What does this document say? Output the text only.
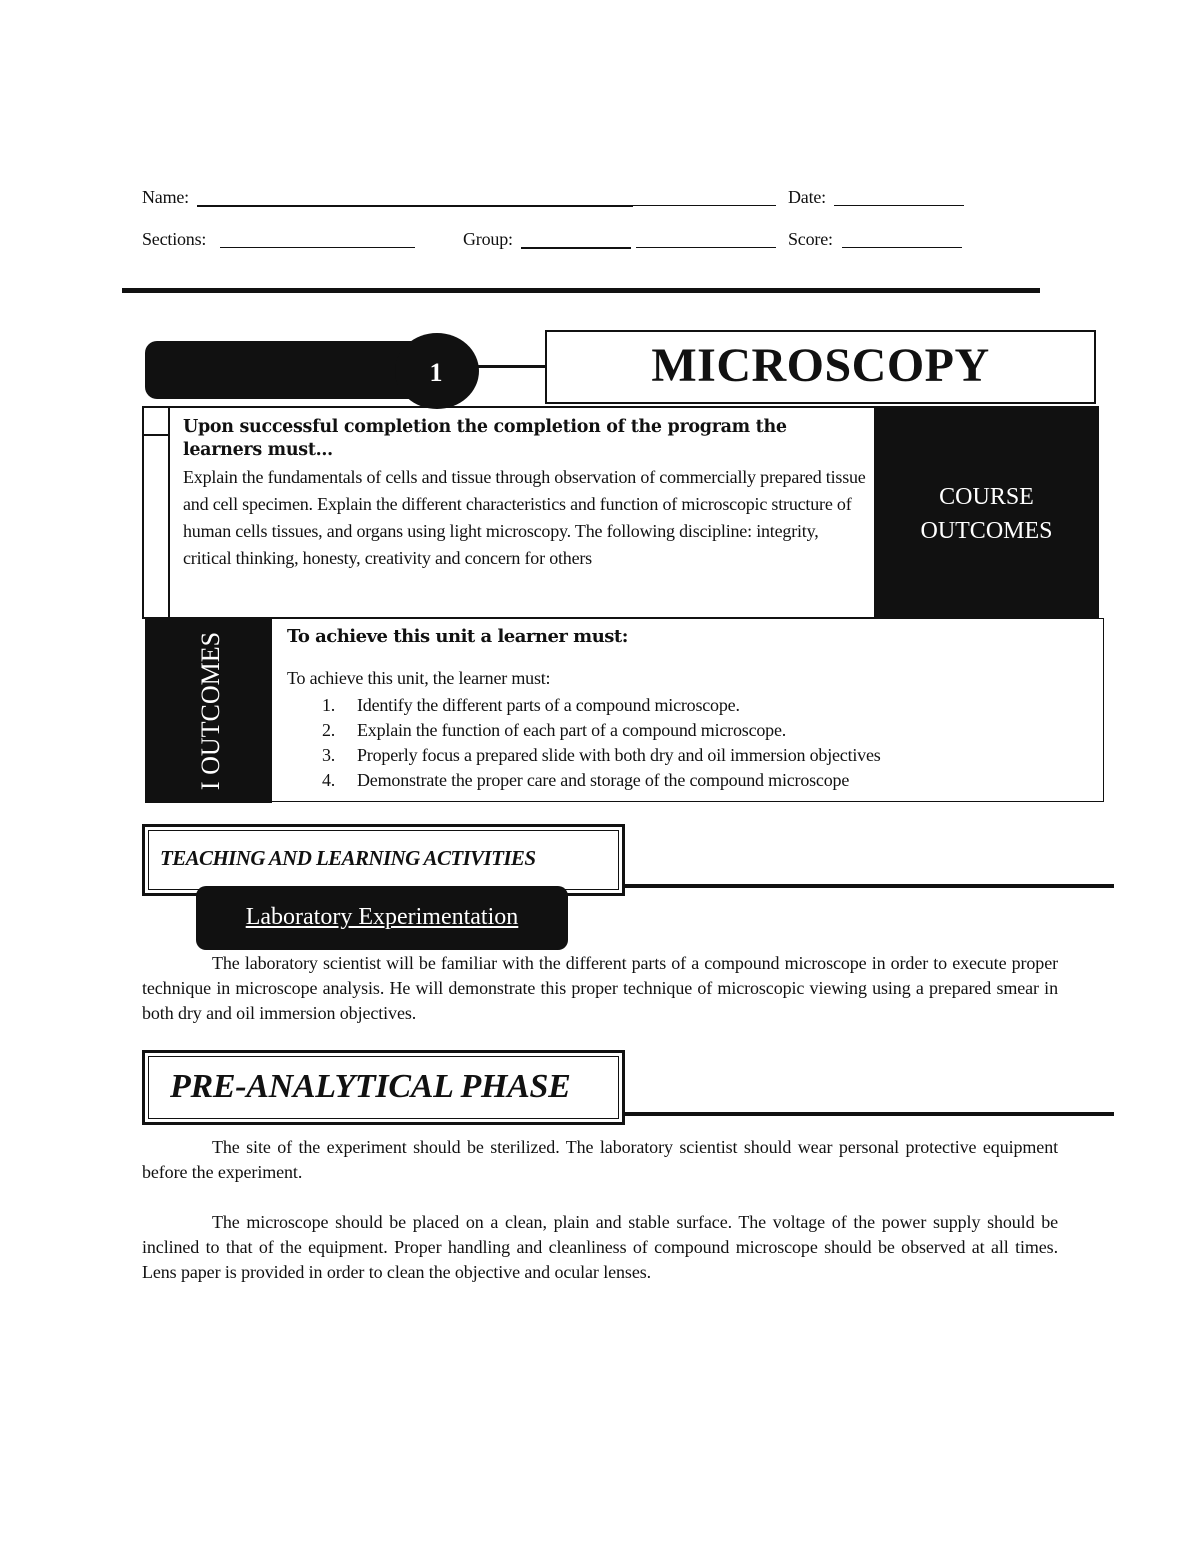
Name:	Date:
Sections:	Group:	Score:
1	MICROSCOPY
COURSE
OUTCOMES
Upon successful completion the completion of the program the learners must…
Explain the fundamentals of cells and tissue through observation of commercially prepared tissue and cell specimen. Explain the different characteristics and function of microscopic structure of human cells tissues, and organs using light microscopy. The following discipline: integrity, critical thinking, honesty, creativity and concern for others
I OUTCOMES	To achieve this unit a learner must:
To achieve this unit, the learner must:
1. Identify the different parts of a compound microscope.
2. Explain the function of each part of a compound microscope.
3. Properly focus a prepared slide with both dry and oil immersion objectives
4. Demonstrate the proper care and storage of the compound microscope
TEACHING AND LEARNING ACTIVITIES
Laboratory Experimentation
The laboratory scientist will be familiar with the different parts of a compound microscope in order to execute proper technique in microscope analysis. He will demonstrate this proper technique of microscopic viewing using a prepared smear in both dry and oil immersion objectives.
PRE-ANALYTICAL PHASE
The site of the experiment should be sterilized. The laboratory scientist should wear personal protective equipment before the experiment.
The microscope should be placed on a clean, plain and stable surface. The voltage of the power supply should be inclined to that of the equipment. Proper handling and cleanliness of compound microscope should be observed at all times. Lens paper is provided in order to clean the objective and ocular lenses.
